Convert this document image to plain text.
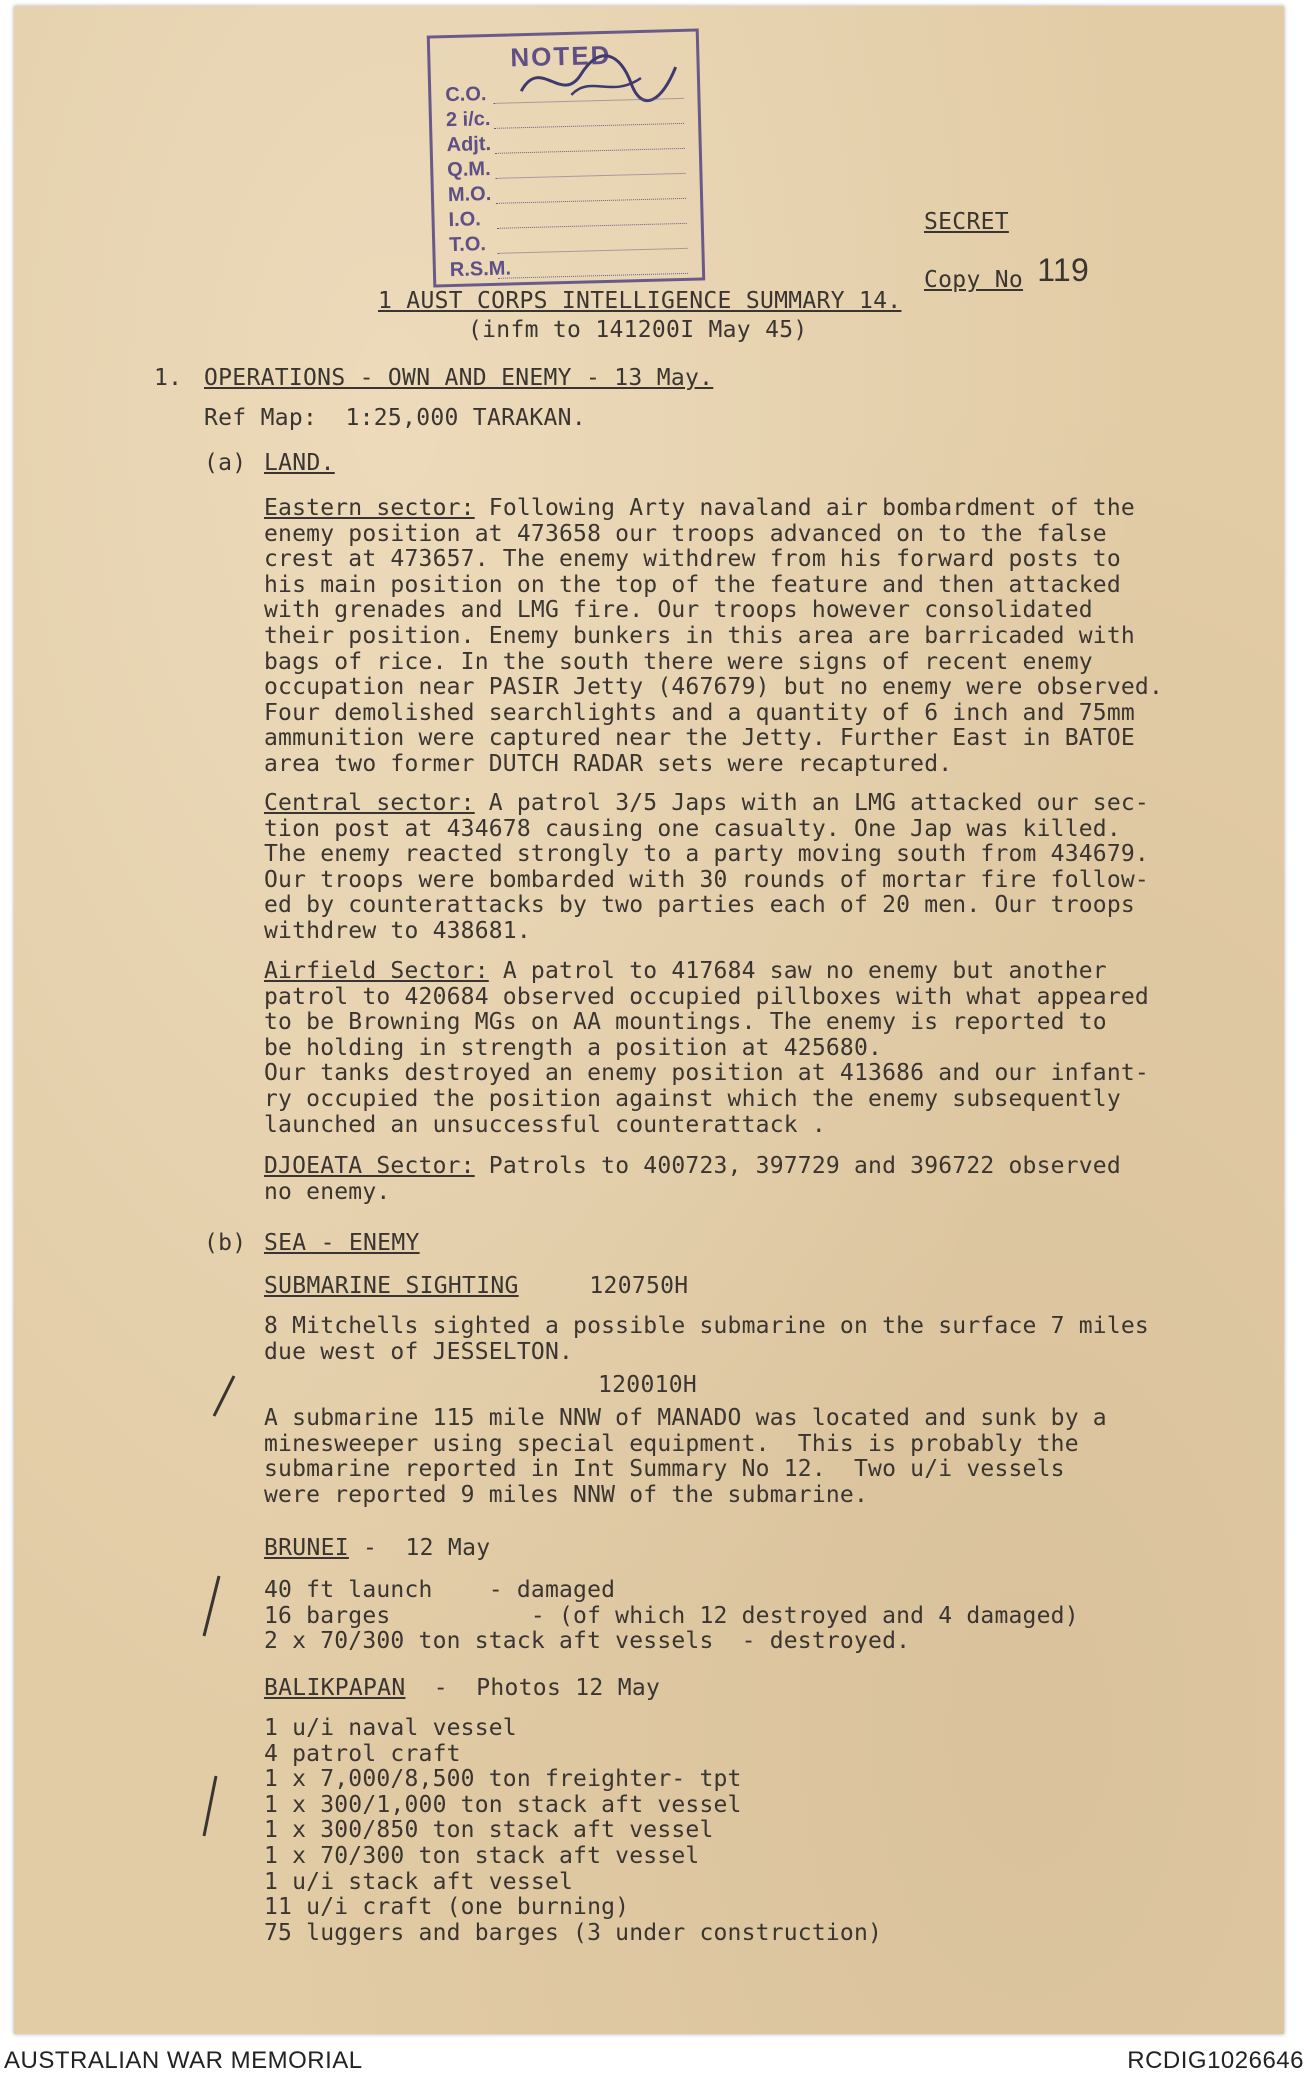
NOTED
C.O.
2 i/c.
Adjt.
Q.M.
M.O.
I.O.
T.O.
R.S.M.
SECRET
Copy No 119
1 AUST CORPS INTELLIGENCE SUMMARY 14.
(infm to 141200I May 45)
1. OPERATIONS - OWN AND ENEMY - 13 May.
Ref Map:  1:25,000 TARAKAN.
(a) LAND.

Eastern sector: Following Arty navaland air bombardment of the

enemy position at 473658 our troops advanced on to the false

crest at 473657. The enemy withdrew from his forward posts to

his main position on the top of the feature and then attacked

with grenades and LMG fire. Our troops however consolidated

their position. Enemy bunkers in this area are barricaded with

bags of rice. In the south there were signs of recent enemy

occupation near PASIR Jetty (467679) but no enemy were observed.

Four demolished searchlights and a quantity of 6 inch and 75mm

ammunition were captured near the Jetty. Further East in BATOE

area two former DUTCH RADAR sets were recaptured.

Central sector: A patrol 3/5 Japs with an LMG attacked our sec-

tion post at 434678 causing one casualty. One Jap was killed.

The enemy reacted strongly to a party moving south from 434679.

Our troops were bombarded with 30 rounds of mortar fire follow-

ed by counterattacks by two parties each of 20 men. Our troops

withdrew to 438681.

Airfield Sector: A patrol to 417684 saw no enemy but another

patrol to 420684 observed occupied pillboxes with what appeared

to be Browning MGs on AA mountings. The enemy is reported to

be holding in strength a position at 425680.

Our tanks destroyed an enemy position at 413686 and our infant-

ry occupied the position against which the enemy subsequently

launched an unsuccessful counterattack .

DJOEATA Sector: Patrols to 400723, 397729 and 396722 observed

no enemy.

(b) SEA - ENEMY
SUBMARINE SIGHTING	120750H

8 Mitchells sighted a possible submarine on the surface 7 miles

due west of JESSELTON.

120010H

A submarine 115 mile NNW of MANADO was located and sunk by a

minesweeper using special equipment.  This is probably the

submarine reported in Int Summary No 12.  Two u/i vessels

were reported 9 miles NNW of the submarine.

BRUNEI -  12 May

40 ft launch    - damaged

16 barges          - (of which 12 destroyed and 4 damaged)

2 x 70/300 ton stack aft vessels  - destroyed.

BALIKPAPAN  -  Photos 12 May

1 u/i naval vessel

4 patrol craft

1 x 7,000/8,500 ton freighter- tpt

1 x 300/1,000 ton stack aft vessel

1 x 300/850 ton stack aft vessel

1 x 70/300 ton stack aft vessel

1 u/i stack aft vessel

11 u/i craft (one burning)

75 luggers and barges (3 under construction)

AUSTRALIAN WAR MEMORIAL	RCDIG1026646
